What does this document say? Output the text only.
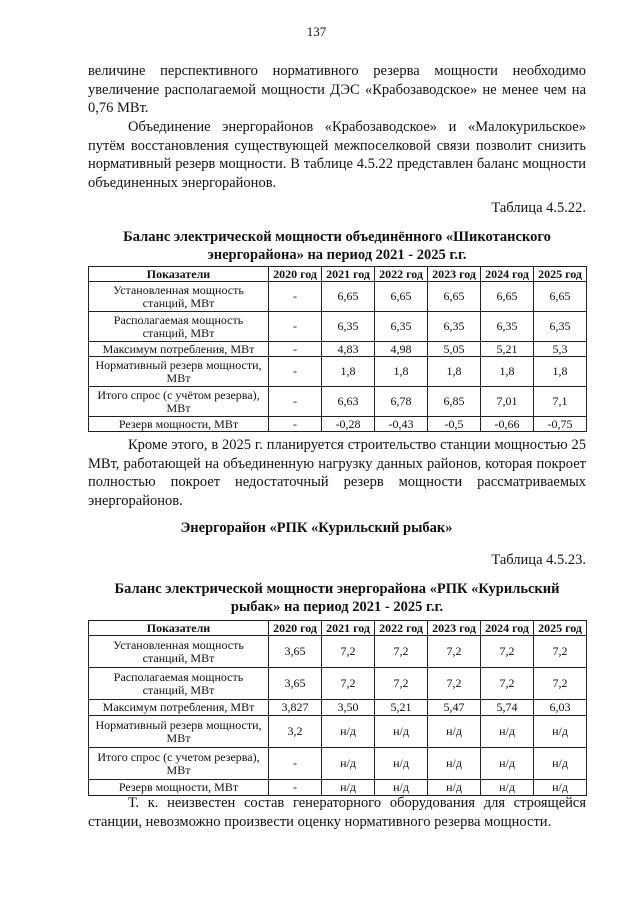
137

величине перспективного нормативного резерва мощности необходимо увеличение располагаемой мощности ДЭС «Крабозаводское» не менее чем на 0,76 МВт.

Объединение энергорайонов «Крабозаводское» и «Малокурильское» путём восстановления существующей межпоселковой связи позволит снизить нормативный резерв мощности. В таблице 4.5.22 представлен баланс мощности объединенных энергорайонов.

Таблица 4.5.22.

Баланс электрической мощности объединённого «Шикотанского энергорайона» на период 2021 - 2025 г.г.

Показатели	2020 год	2021 год	2022 год	2023 год	2024 год	2025 год
Установленная мощность станций, МВт	-	6,65	6,65	6,65	6,65	6,65
Располагаемая мощность станций, МВт	-	6,35	6,35	6,35	6,35	6,35
Максимум потребления, МВт	-	4,83	4,98	5,05	5,21	5,3
Нормативный резерв мощности, МВт	-	1,8	1,8	1,8	1,8	1,8
Итого спрос (с учётом резерва), МВт	-	6,63	6,78	6,85	7,01	7,1
Резерв мощности, МВт	-	-0,28	-0,43	-0,5	-0,66	-0,75

Кроме этого, в 2025 г. планируется строительство станции мощностью 25 МВт, работающей на объединенную нагрузку данных районов, которая покроет полностью покроет недостаточный резерв мощности рассматриваемых энергорайонов.

Энергорайон «РПК «Курильский рыбак»
Таблица 4.5.23.

Баланс электрической мощности энергорайона «РПК «Курильский рыбак» на период 2021 - 2025 г.г.

Показатели	2020 год	2021 год	2022 год	2023 год	2024 год	2025 год
Установленная мощность станций, МВт	3,65	7,2	7,2	7,2	7,2	7,2
Располагаемая мощность станций, МВт	3,65	7,2	7,2	7,2	7,2	7,2
Максимум потребления, МВт	3,827	3,50	5,21	5,47	5,74	6,03
Нормативный резерв мощности, МВт	3,2	н/д	н/д	н/д	н/д	н/д
Итого спрос (с учетом резерва), МВт	-	н/д	н/д	н/д	н/д	н/д
Резерв мощности, МВт	-	н/д	н/д	н/д	н/д	н/д

Т. к. неизвестен состав генераторного оборудования для строящейся станции, невозможно произвести оценку нормативного резерва мощности.
